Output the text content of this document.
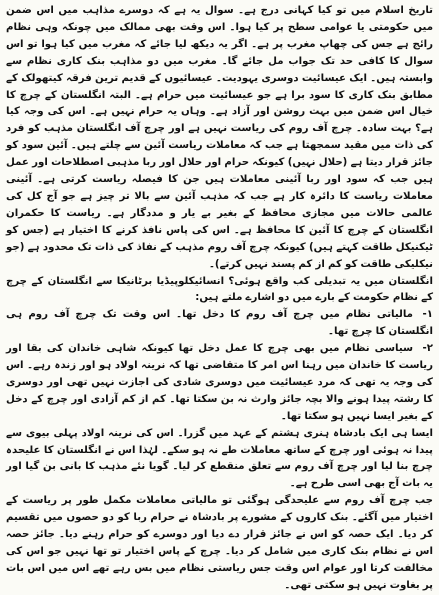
تاریخ اسلام میں تو کیا کہانی درج ہے۔ سوال یہ ہے کہ دوسرے مذاہب میں اس ضمن میں حکومتی یا عوامی سطح پر کیا ہوا۔ اس وقت بھی ممالک میں چونکہ وہی نظام رائج ہے جس کی چھاپ مغرب پر ہے۔ اگر یہ دیکھ لیا جائے کہ مغرب میں کیا ہوا تو اس سوال کا کافی حد تک جواب مل جائے گا۔ مغرب میں دو مذاہب بنک کاری نظام سے وابستہ ہیں۔ ایک عیسائیت دوسری یہودیت۔ عیسائیوں کے قدیم ترین فرقہ کیتھولک کے مطابق بنک کاری کا سود برا ہے جو عیسائیت میں حرام ہے۔ البتہ انگلستان کے چرچ کا خیال اس ضمن میں بہت روشن اور آزاد ہے۔ وہاں یہ حرام نہیں ہے۔ اس کی وجہ کیا ہے؟ بہت سادہ۔ چرچ آف روم کی ریاست نہیں ہے اور چرچ آف انگلستان مذہب کو فرد کی ذات میں مقید سمجھتا ہے جب کہ معاملات ریاست آئین سے چلتے ہیں۔ آئین سود کو جائز قرار دیتا ہے (حلال نہیں) کیونکہ حرام اور حلال اور ربا مذہبی اصطلاحات اور عمل ہیں جب کہ سود اور ربا آئینی معاملات ہیں جن کا فیصلہ ریاست کرتی ہے۔ آئینی معاملات ریاست کا دائرہ کار ہے جب کہ مذہب آئین سے بالا تر چیز ہے جو آج کل کی عالمی حالات میں مجازی محافظ کے بغیر بے یار و مددگار ہے۔ ریاست کا حکمران انگلستان کے چرچ کا آئین کا محافظ ہے۔ اس کی پاس نافذ کرنے کا اختیار ہے (جس کو ٹیکنیکل طاقت کہتے ہیں) کیونکہ چرچ آف روم مذہب کے نفاذ کی ذات تک محدود ہے (جو نیکلیکی طاقت کو کم از کم پسند نہیں کرتے)۔

انگلستان میں یہ تبدیلی کب واقع ہوئی؟ انسائیکلوپیڈیا برٹانیکا سے انگلستان کے چرچ کے نظام حکومت کے بارے میں دو اشارے ملتے ہیں:

۱-مالیاتی نظام میں چرچ آف روم کا دخل تھا۔ اس وقت تک چرچ آف روم ہی انگلستان کا چرچ تھا۔
۲-سیاسی نظام میں بھی چرچ کا عمل دخل تھا کیونکہ شاہی خاندان کی بقا اور ریاست کا خاندان میں رہنا اس امر کا متقاضی تھا کہ نرینہ اولاد ہو اور زندہ رہے۔ اس کی وجہ یہ تھی کہ مرد عیسائیت میں دوسری شادی کی اجازت نہیں تھی اور دوسری کا رشتہ پیدا ہونے والا بچہ جائز وارث نہ بن سکتا تھا۔ کم از کم آزادی اور چرچ کے دخل کے بغیر ایسا نہیں ہو سکتا تھا۔

ایسا ہی ایک بادشاہ ہنری ہشتم کے عہد میں گزرا۔ اس کی نرینہ اولاد پہلی بیوی سے پیدا نہ ہوئی اور چرچ کے ساتھ معاملات طے نہ ہو سکے۔ لہٰذا اس نے انگلستان کا علیحدہ چرچ بنا لیا اور چرچ آف روم سے تعلق منقطع کر لیا۔ گویا نئے مذہب کا بانی بن گیا اور یہ بات آج بھی اسی طرح ہے۔

جب چرچ آف روم سے علیحدگی ہوگئی تو مالیاتی معاملات مکمل طور پر ریاست کے اختیار میں آگئے۔ بنک کاروں کے مشورے پر بادشاہ نے حرام ربا کو دو حصوں میں تقسیم کر دیا۔ ایک حصہ کو اس نے جائز قرار دے دیا اور دوسرے کو حرام رہنے دیا۔ جائز حصہ اس نے نظام بنک کاری میں شامل کر دیا۔ چرچ کے پاس اختیار تو تھا نہیں جو اس کی مخالفت کرتا اور عوام اس وقت جس ریاستی نظام میں بس رہے تھے اس میں اس بات پر بغاوت نہیں ہو سکتی تھی۔
